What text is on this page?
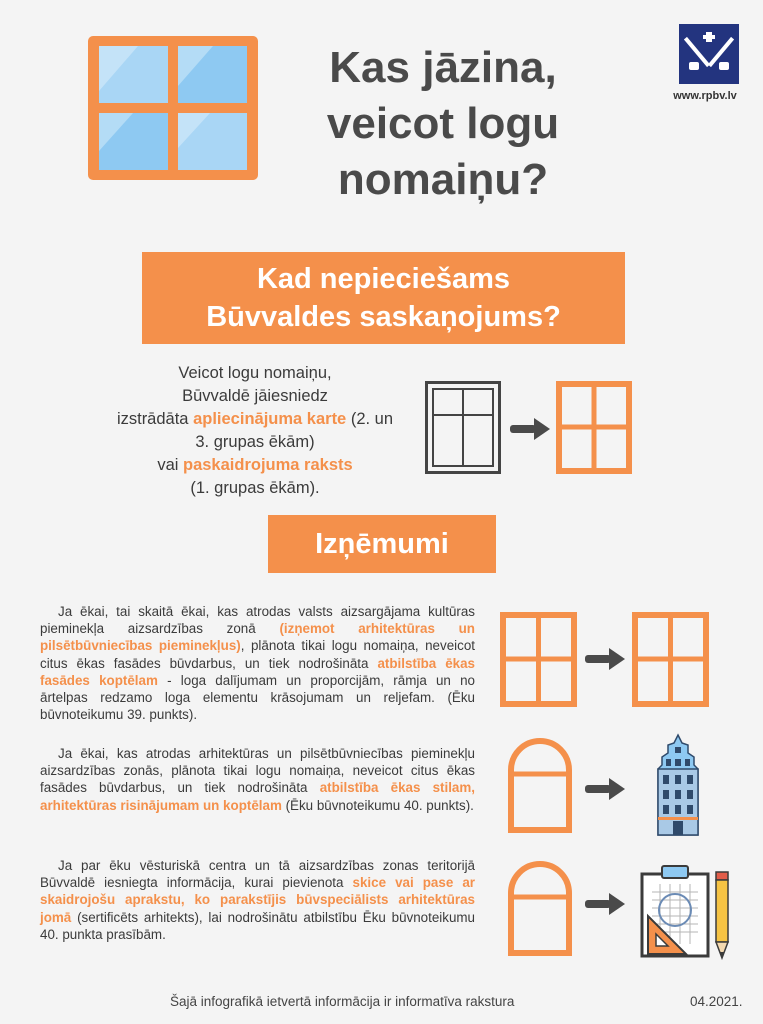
Kas jāzina,
veicot logu
nomaiņu?
www.rpbv.lv
Kad nepieciešams
Būvvaldes saskaņojums?
Veicot logu nomaiņu,
Būvvaldē jāiesniedz
izstrādāta apliecinājuma karte (2. un 3. grupas ēkām)
vai paskaidrojuma raksts
(1. grupas ēkām).
Izņēmumi
Ja ēkai, tai skaitā ēkai, kas atrodas valsts aizsargājama kultūras pieminekļa aizsardzības zonā (izņemot arhitektūras un pilsētbūvniecības pieminekļus), plānota tikai logu nomaiņa, neveicot citus ēkas fasādes būvdarbus, un tiek nodrošināta atbilstība ēkas fasādes koptēlam - loga dalījumam un proporcijām, rāmja un no ārtelpas redzamo loga elementu krāsojumam un reljefam. (Ēku būvnoteikumu 39. punkts).
Ja ēkai, kas atrodas arhitektūras un pilsētbūvniecības pieminekļu aizsardzības zonās, plānota tikai logu nomaiņa, neveicot citus ēkas fasādes būvdarbus, un tiek nodrošināta atbilstība ēkas stilam, arhitektūras risinājumam un koptēlam (Ēku būvnoteikumu 40. punkts).
Ja par ēku vēsturiskā centra un tā aizsardzības zonas teritorijā Būvvaldē iesniegta informācija, kurai pievienota skice vai pase ar skaidrojošu aprakstu, ko parakstījis būvspeciālists arhitektūras jomā (sertificēts arhitekts), lai nodrošinātu atbilstību Ēku būvnoteikumu 40. punkta prasībām.
Šajā infografikā ietvertā informācija ir informatīva rakstura	04.2021.
